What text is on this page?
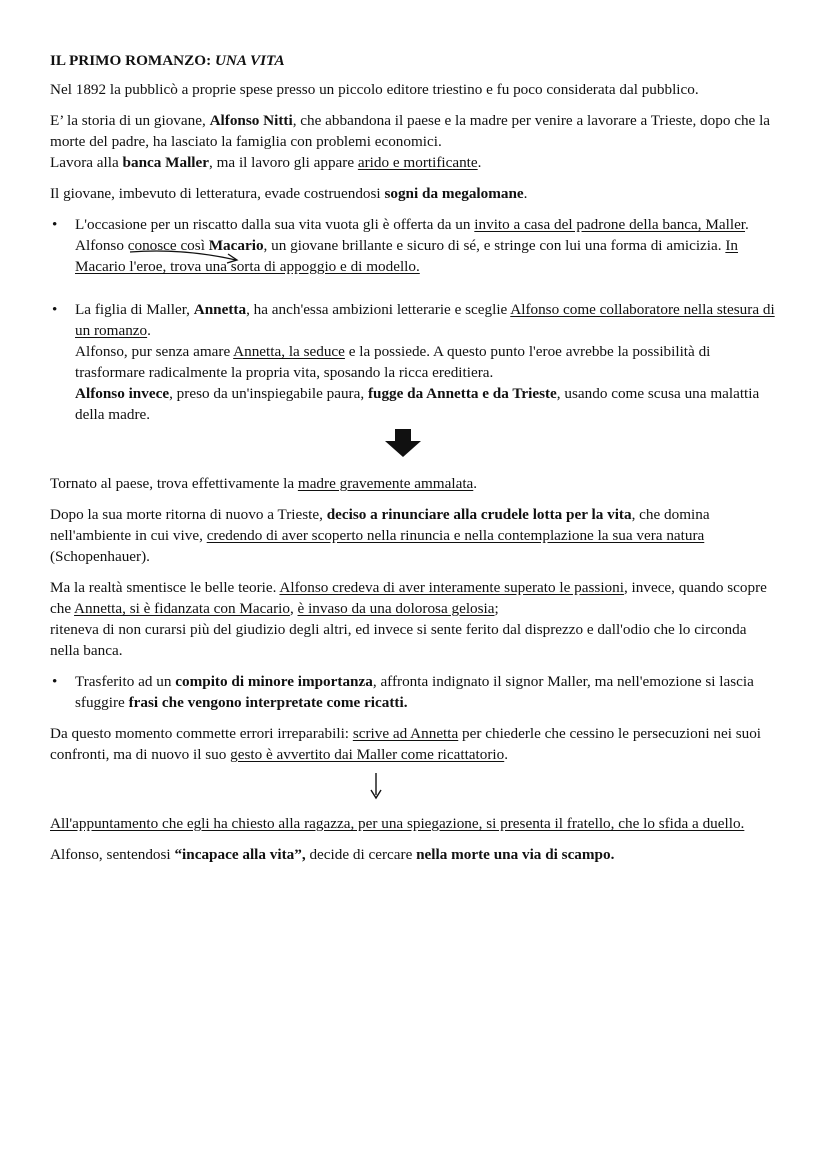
IL PRIMO ROMANZO: UNA VITA

Nel 1892 la pubblicò a proprie spese presso un piccolo editore triestino e fu poco considerata dal pubblico.

E’ la storia di un giovane, Alfonso Nitti, che abbandona il paese e la madre per venire a lavorare a Trieste, dopo che la morte del padre, ha lasciato la famiglia con problemi economici.
Lavora alla banca Maller, ma il lavoro gli appare arido e mortificante.

Il giovane, imbevuto di letteratura, evade costruendosi sogni da megalomane.

• L'occasione per un riscatto dalla sua vita vuota gli è offerta da un invito a casa del padrone della banca, Maller.
Alfonso conosce così Macario, un giovane brillante e sicuro di sé, e stringe con lui una forma di amicizia. In Macario l'eroe, trova una sorta di appoggio e di modello.
• La figlia di Maller, Annetta, ha anch'essa ambizioni letterarie e sceglie Alfonso come collaboratore nella stesura di un romanzo.
Alfonso, pur senza amare Annetta, la seduce e la possiede. A questo punto l'eroe avrebbe la possibilità di trasformare radicalmente la propria vita, sposando la ricca ereditiera.
Alfonso invece, preso da un'inspiegabile paura, fugge da Annetta e da Trieste, usando come scusa una malattia della madre.

Tornato al paese, trova effettivamente la madre gravemente ammalata.

Dopo la sua morte ritorna di nuovo a Trieste, deciso a rinunciare alla crudele lotta per la vita, che domina nell'ambiente in cui vive, credendo di aver scoperto nella rinuncia e nella contemplazione la sua vera natura (Schopenhauer).

Ma la realtà smentisce le belle teorie. Alfonso credeva di aver interamente superato le passioni, invece, quando scopre che Annetta, si è fidanzata con Macario, è invaso da una dolorosa gelosia;
riteneva di non curarsi più del giudizio degli altri, ed invece si sente ferito dal disprezzo e dall'odio che lo circonda nella banca.

• Trasferito ad un compito di minore importanza, affronta indignato il signor Maller, ma nell'emozione si lascia sfuggire frasi che vengono interpretate come ricatti.

Da questo momento commette errori irreparabili: scrive ad Annetta per chiederle che cessino le persecuzioni nei suoi confronti, ma di nuovo il suo gesto è avvertito dai Maller come ricattatorio.

All'appuntamento che egli ha chiesto alla ragazza, per una spiegazione, si presenta il fratello, che lo sfida a duello.

Alfonso, sentendosi “incapace alla vita”, decide di cercare nella morte una via di scampo.
